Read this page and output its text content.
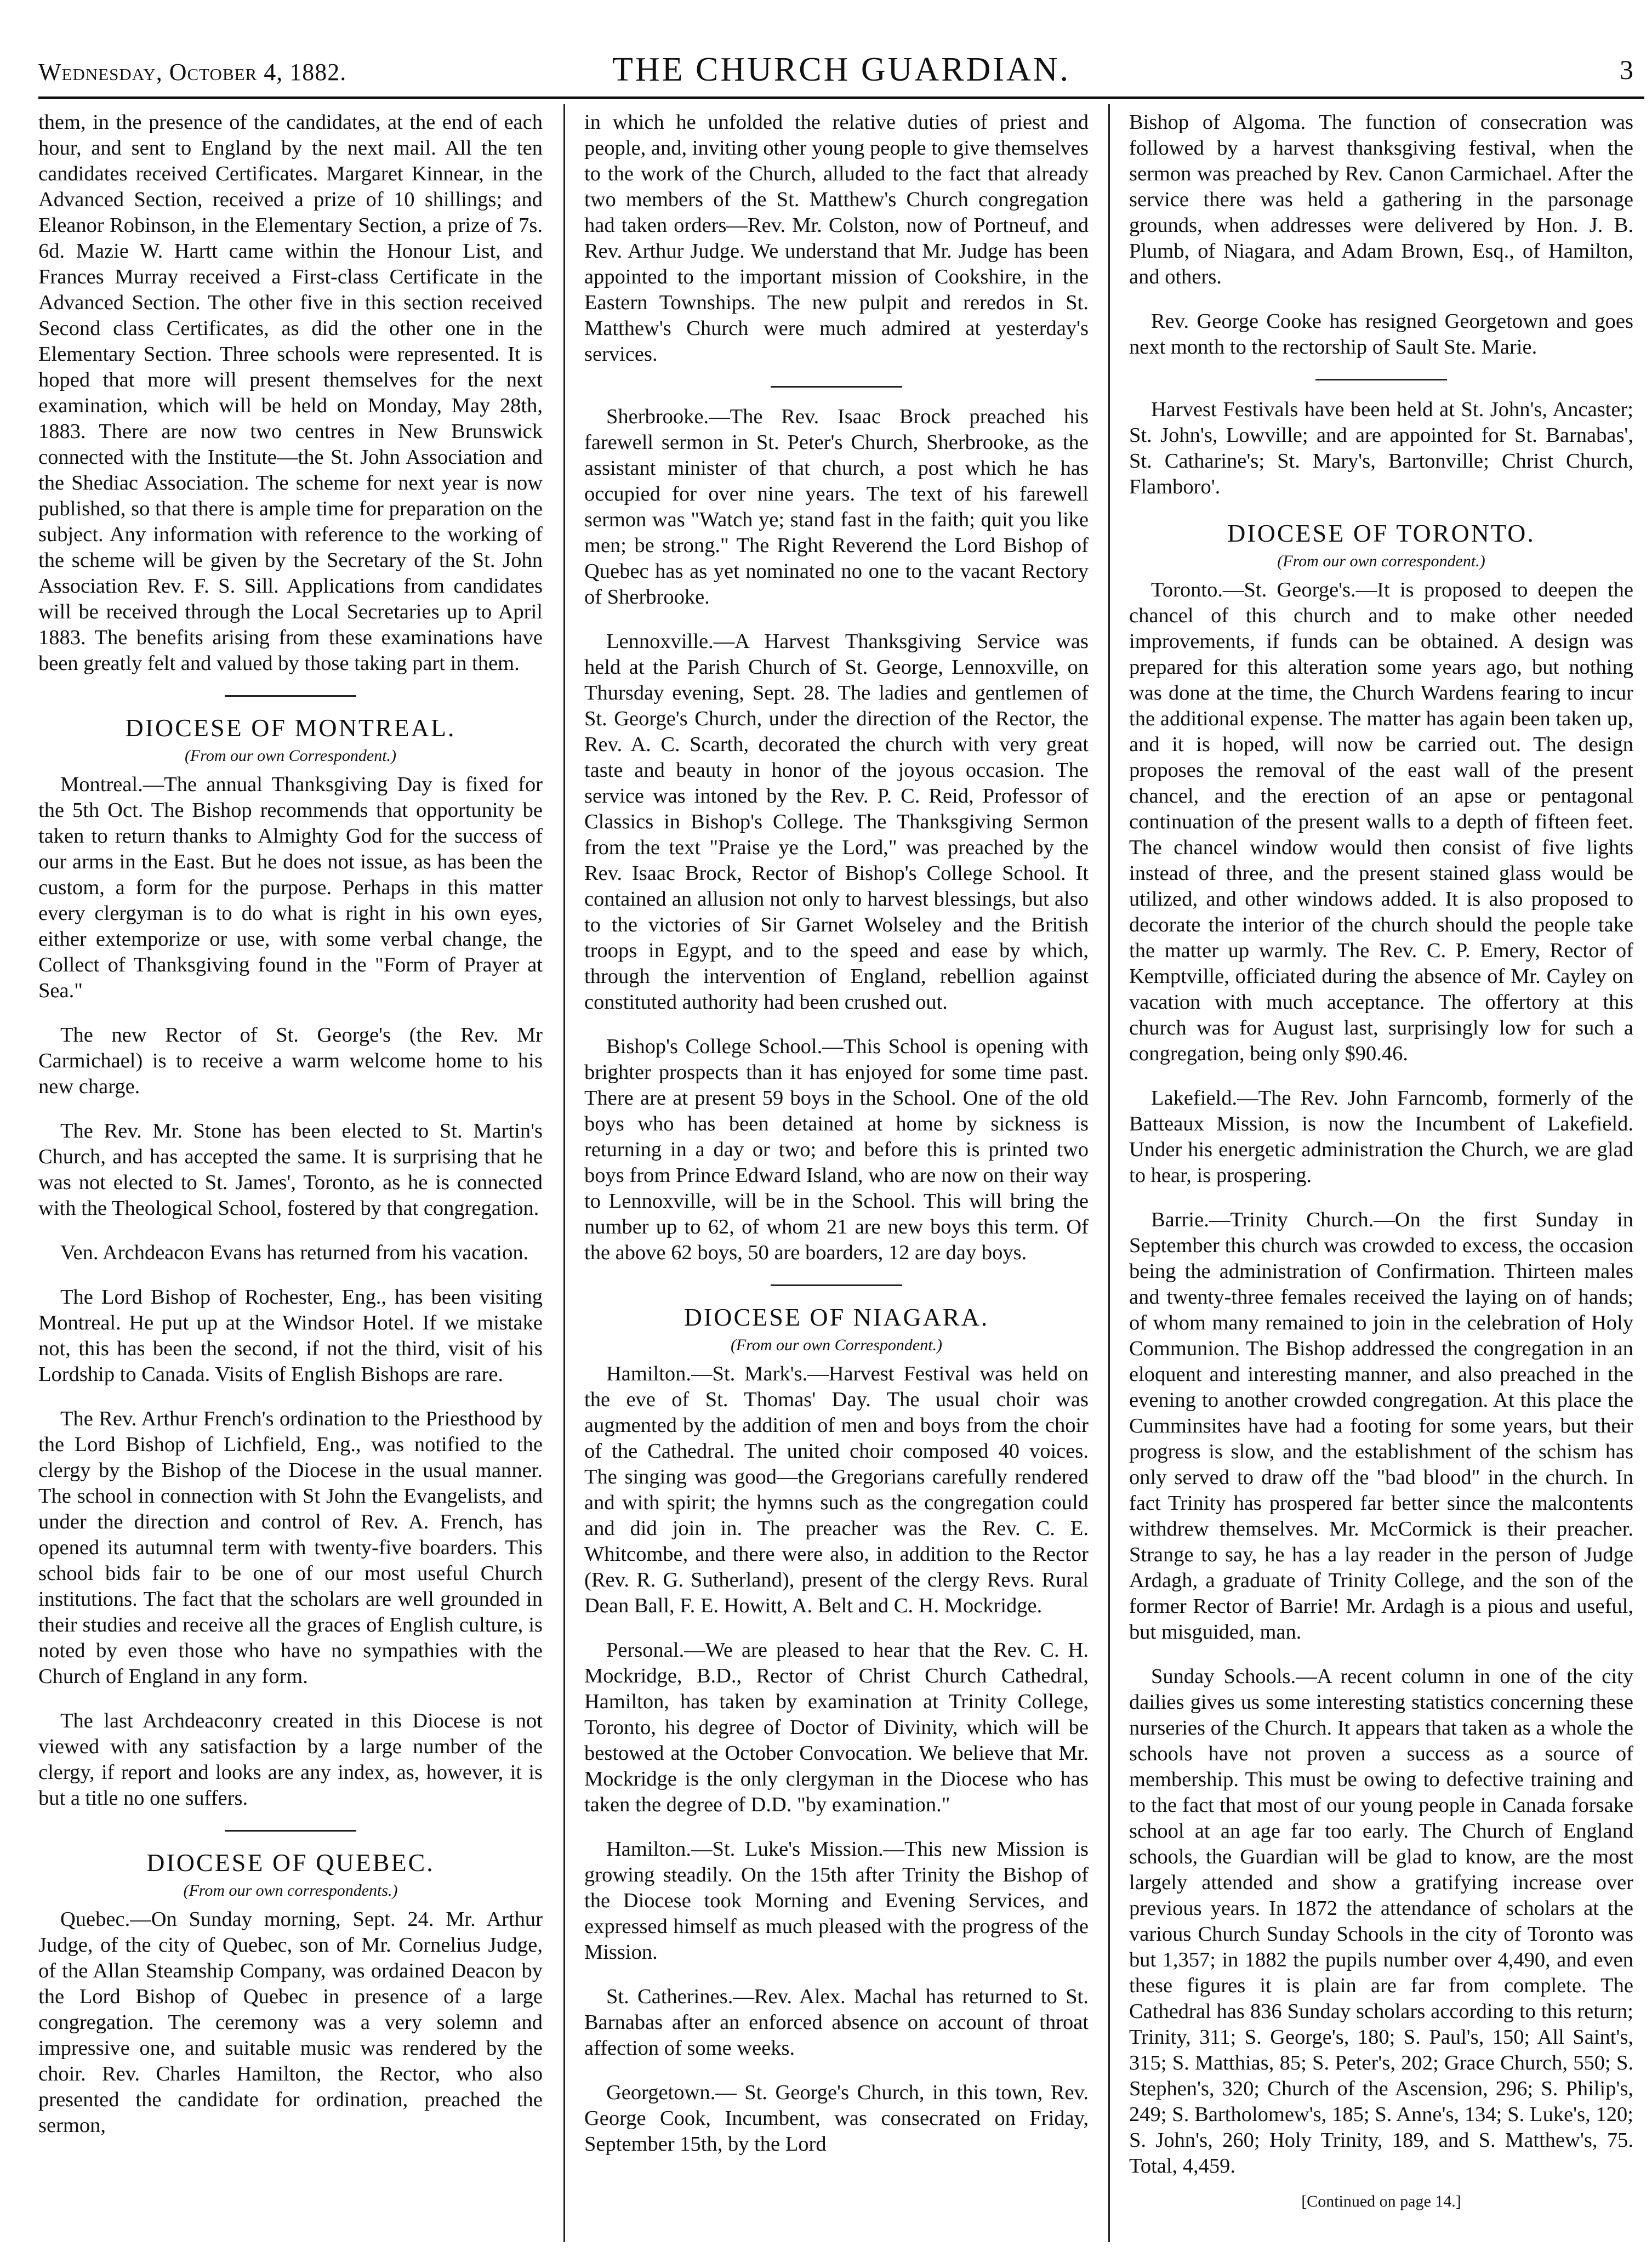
Wednesday, October 4, 1882.	THE CHURCH GUARDIAN.	3

them, in the presence of the candidates, at the end of each hour, and sent to England by the next mail. All the ten candidates received Certificates. Margaret Kinnear, in the Advanced Section, received a prize of 10 shillings; and Eleanor Robinson, in the Elementary Section, a prize of 7s. 6d. Mazie W. Hartt came within the Honour List, and Frances Murray received a First-class Certificate in the Advanced Section. The other five in this section received Second class Certificates, as did the other one in the Elementary Section. Three schools were represented. It is hoped that more will present themselves for the next examination, which will be held on Monday, May 28th, 1883. There are now two centres in New Brunswick connected with the Institute—the St. John Association and the Shediac Association. The scheme for next year is now published, so that there is ample time for preparation on the subject. Any information with reference to the working of the scheme will be given by the Secretary of the St. John Association Rev. F. S. Sill. Applications from candidates will be received through the Local Secretaries up to April 1883. The benefits arising from these examinations have been greatly felt and valued by those taking part in them.

DIOCESE OF MONTREAL.
(From our own Correspondent.)

Montreal.—The annual Thanksgiving Day is fixed for the 5th Oct. The Bishop recommends that opportunity be taken to return thanks to Almighty God for the success of our arms in the East. But he does not issue, as has been the custom, a form for the purpose. Perhaps in this matter every clergyman is to do what is right in his own eyes, either extemporize or use, with some verbal change, the Collect of Thanksgiving found in the "Form of Prayer at Sea."

The new Rector of St. George's (the Rev. Mr Carmichael) is to receive a warm welcome home to his new charge.

The Rev. Mr. Stone has been elected to St. Martin's Church, and has accepted the same. It is surprising that he was not elected to St. James', Toronto, as he is connected with the Theological School, fostered by that congregation.

Ven. Archdeacon Evans has returned from his vacation.

The Lord Bishop of Rochester, Eng., has been visiting Montreal. He put up at the Windsor Hotel. If we mistake not, this has been the second, if not the third, visit of his Lordship to Canada. Visits of English Bishops are rare.

The Rev. Arthur French's ordination to the Priesthood by the Lord Bishop of Lichfield, Eng., was notified to the clergy by the Bishop of the Diocese in the usual manner. The school in connection with St John the Evangelists, and under the direction and control of Rev. A. French, has opened its autumnal term with twenty-five boarders. This school bids fair to be one of our most useful Church institutions. The fact that the scholars are well grounded in their studies and receive all the graces of English culture, is noted by even those who have no sympathies with the Church of England in any form.

The last Archdeaconry created in this Diocese is not viewed with any satisfaction by a large number of the clergy, if report and looks are any index, as, however, it is but a title no one suffers.

DIOCESE OF QUEBEC.
(From our own correspondents.)

Quebec.—On Sunday morning, Sept. 24. Mr. Arthur Judge, of the city of Quebec, son of Mr. Cornelius Judge, of the Allan Steamship Company, was ordained Deacon by the Lord Bishop of Quebec in presence of a large congregation. The ceremony was a very solemn and impressive one, and suitable music was rendered by the choir. Rev. Charles Hamilton, the Rector, who also presented the candidate for ordination, preached the sermon,

in which he unfolded the relative duties of priest and people, and, inviting other young people to give themselves to the work of the Church, alluded to the fact that already two members of the St. Matthew's Church congregation had taken orders—Rev. Mr. Colston, now of Portneuf, and Rev. Arthur Judge. We understand that Mr. Judge has been appointed to the important mission of Cookshire, in the Eastern Townships. The new pulpit and reredos in St. Matthew's Church were much admired at yesterday's services.

Sherbrooke.—The Rev. Isaac Brock preached his farewell sermon in St. Peter's Church, Sherbrooke, as the assistant minister of that church, a post which he has occupied for over nine years. The text of his farewell sermon was "Watch ye; stand fast in the faith; quit you like men; be strong." The Right Reverend the Lord Bishop of Quebec has as yet nominated no one to the vacant Rectory of Sherbrooke.

Lennoxville.—A Harvest Thanksgiving Service was held at the Parish Church of St. George, Lennoxville, on Thursday evening, Sept. 28. The ladies and gentlemen of St. George's Church, under the direction of the Rector, the Rev. A. C. Scarth, decorated the church with very great taste and beauty in honor of the joyous occasion. The service was intoned by the Rev. P. C. Reid, Professor of Classics in Bishop's College. The Thanksgiving Sermon from the text "Praise ye the Lord," was preached by the Rev. Isaac Brock, Rector of Bishop's College School. It contained an allusion not only to harvest blessings, but also to the victories of Sir Garnet Wolseley and the British troops in Egypt, and to the speed and ease by which, through the intervention of England, rebellion against constituted authority had been crushed out.

Bishop's College School.—This School is opening with brighter prospects than it has enjoyed for some time past. There are at present 59 boys in the School. One of the old boys who has been detained at home by sickness is returning in a day or two; and before this is printed two boys from Prince Edward Island, who are now on their way to Lennoxville, will be in the School. This will bring the number up to 62, of whom 21 are new boys this term. Of the above 62 boys, 50 are boarders, 12 are day boys.

DIOCESE OF NIAGARA.
(From our own Correspondent.)

Hamilton.—St. Mark's.—Harvest Festival was held on the eve of St. Thomas' Day. The usual choir was augmented by the addition of men and boys from the choir of the Cathedral. The united choir composed 40 voices. The singing was good—the Gregorians carefully rendered and with spirit; the hymns such as the congregation could and did join in. The preacher was the Rev. C. E. Whitcombe, and there were also, in addition to the Rector (Rev. R. G. Sutherland), present of the clergy Revs. Rural Dean Ball, F. E. Howitt, A. Belt and C. H. Mockridge.

Personal.—We are pleased to hear that the Rev. C. H. Mockridge, B.D., Rector of Christ Church Cathedral, Hamilton, has taken by examination at Trinity College, Toronto, his degree of Doctor of Divinity, which will be bestowed at the October Convocation. We believe that Mr. Mockridge is the only clergyman in the Diocese who has taken the degree of D.D. "by examination."

Hamilton.—St. Luke's Mission.—This new Mission is growing steadily. On the 15th after Trinity the Bishop of the Diocese took Morning and Evening Services, and expressed himself as much pleased with the progress of the Mission.

St. Catherines.—Rev. Alex. Machal has returned to St. Barnabas after an enforced absence on account of throat affection of some weeks.

Georgetown.— St. George's Church, in this town, Rev. George Cook, Incumbent, was consecrated on Friday, September 15th, by the Lord

Bishop of Algoma. The function of consecration was followed by a harvest thanksgiving festival, when the sermon was preached by Rev. Canon Carmichael. After the service there was held a gathering in the parsonage grounds, when addresses were delivered by Hon. J. B. Plumb, of Niagara, and Adam Brown, Esq., of Hamilton, and others.

Rev. George Cooke has resigned Georgetown and goes next month to the rectorship of Sault Ste. Marie.

Harvest Festivals have been held at St. John's, Ancaster; St. John's, Lowville; and are appointed for St. Barnabas', St. Catharine's; St. Mary's, Bartonville; Christ Church, Flamboro'.

DIOCESE OF TORONTO.
(From our own correspondent.)

Toronto.—St. George's.—It is proposed to deepen the chancel of this church and to make other needed improvements, if funds can be obtained. A design was prepared for this alteration some years ago, but nothing was done at the time, the Church Wardens fearing to incur the additional expense. The matter has again been taken up, and it is hoped, will now be carried out. The design proposes the removal of the east wall of the present chancel, and the erection of an apse or pentagonal continuation of the present walls to a depth of fifteen feet. The chancel window would then consist of five lights instead of three, and the present stained glass would be utilized, and other windows added. It is also proposed to decorate the interior of the church should the people take the matter up warmly. The Rev. C. P. Emery, Rector of Kemptville, officiated during the absence of Mr. Cayley on vacation with much acceptance. The offertory at this church was for August last, surprisingly low for such a congregation, being only $90.46.

Lakefield.—The Rev. John Farncomb, formerly of the Batteaux Mission, is now the Incumbent of Lakefield. Under his energetic administration the Church, we are glad to hear, is prospering.

Barrie.—Trinity Church.—On the first Sunday in September this church was crowded to excess, the occasion being the administration of Confirmation. Thirteen males and twenty-three females received the laying on of hands; of whom many remained to join in the celebration of Holy Communion. The Bishop addressed the congregation in an eloquent and interesting manner, and also preached in the evening to another crowded congregation. At this place the Cumminsites have had a footing for some years, but their progress is slow, and the establishment of the schism has only served to draw off the "bad blood" in the church. In fact Trinity has prospered far better since the malcontents withdrew themselves. Mr. McCormick is their preacher. Strange to say, he has a lay reader in the person of Judge Ardagh, a graduate of Trinity College, and the son of the former Rector of Barrie! Mr. Ardagh is a pious and useful, but misguided, man.

Sunday Schools.—A recent column in one of the city dailies gives us some interesting statistics concerning these nurseries of the Church. It appears that taken as a whole the schools have not proven a success as a source of membership. This must be owing to defective training and to the fact that most of our young people in Canada forsake school at an age far too early. The Church of England schools, the Guardian will be glad to know, are the most largely attended and show a gratifying increase over previous years. In 1872 the attendance of scholars at the various Church Sunday Schools in the city of Toronto was but 1,357; in 1882 the pupils number over 4,490, and even these figures it is plain are far from complete. The Cathedral has 836 Sunday scholars according to this return; Trinity, 311; S. George's, 180; S. Paul's, 150; All Saint's, 315; S. Matthias, 85; S. Peter's, 202; Grace Church, 550; S. Stephen's, 320; Church of the Ascension, 296; S. Philip's, 249; S. Bartholomew's, 185; S. Anne's, 134; S. Luke's, 120; S. John's, 260; Holy Trinity, 189, and S. Matthew's, 75. Total, 4,459.

[Continued on page 14.]
